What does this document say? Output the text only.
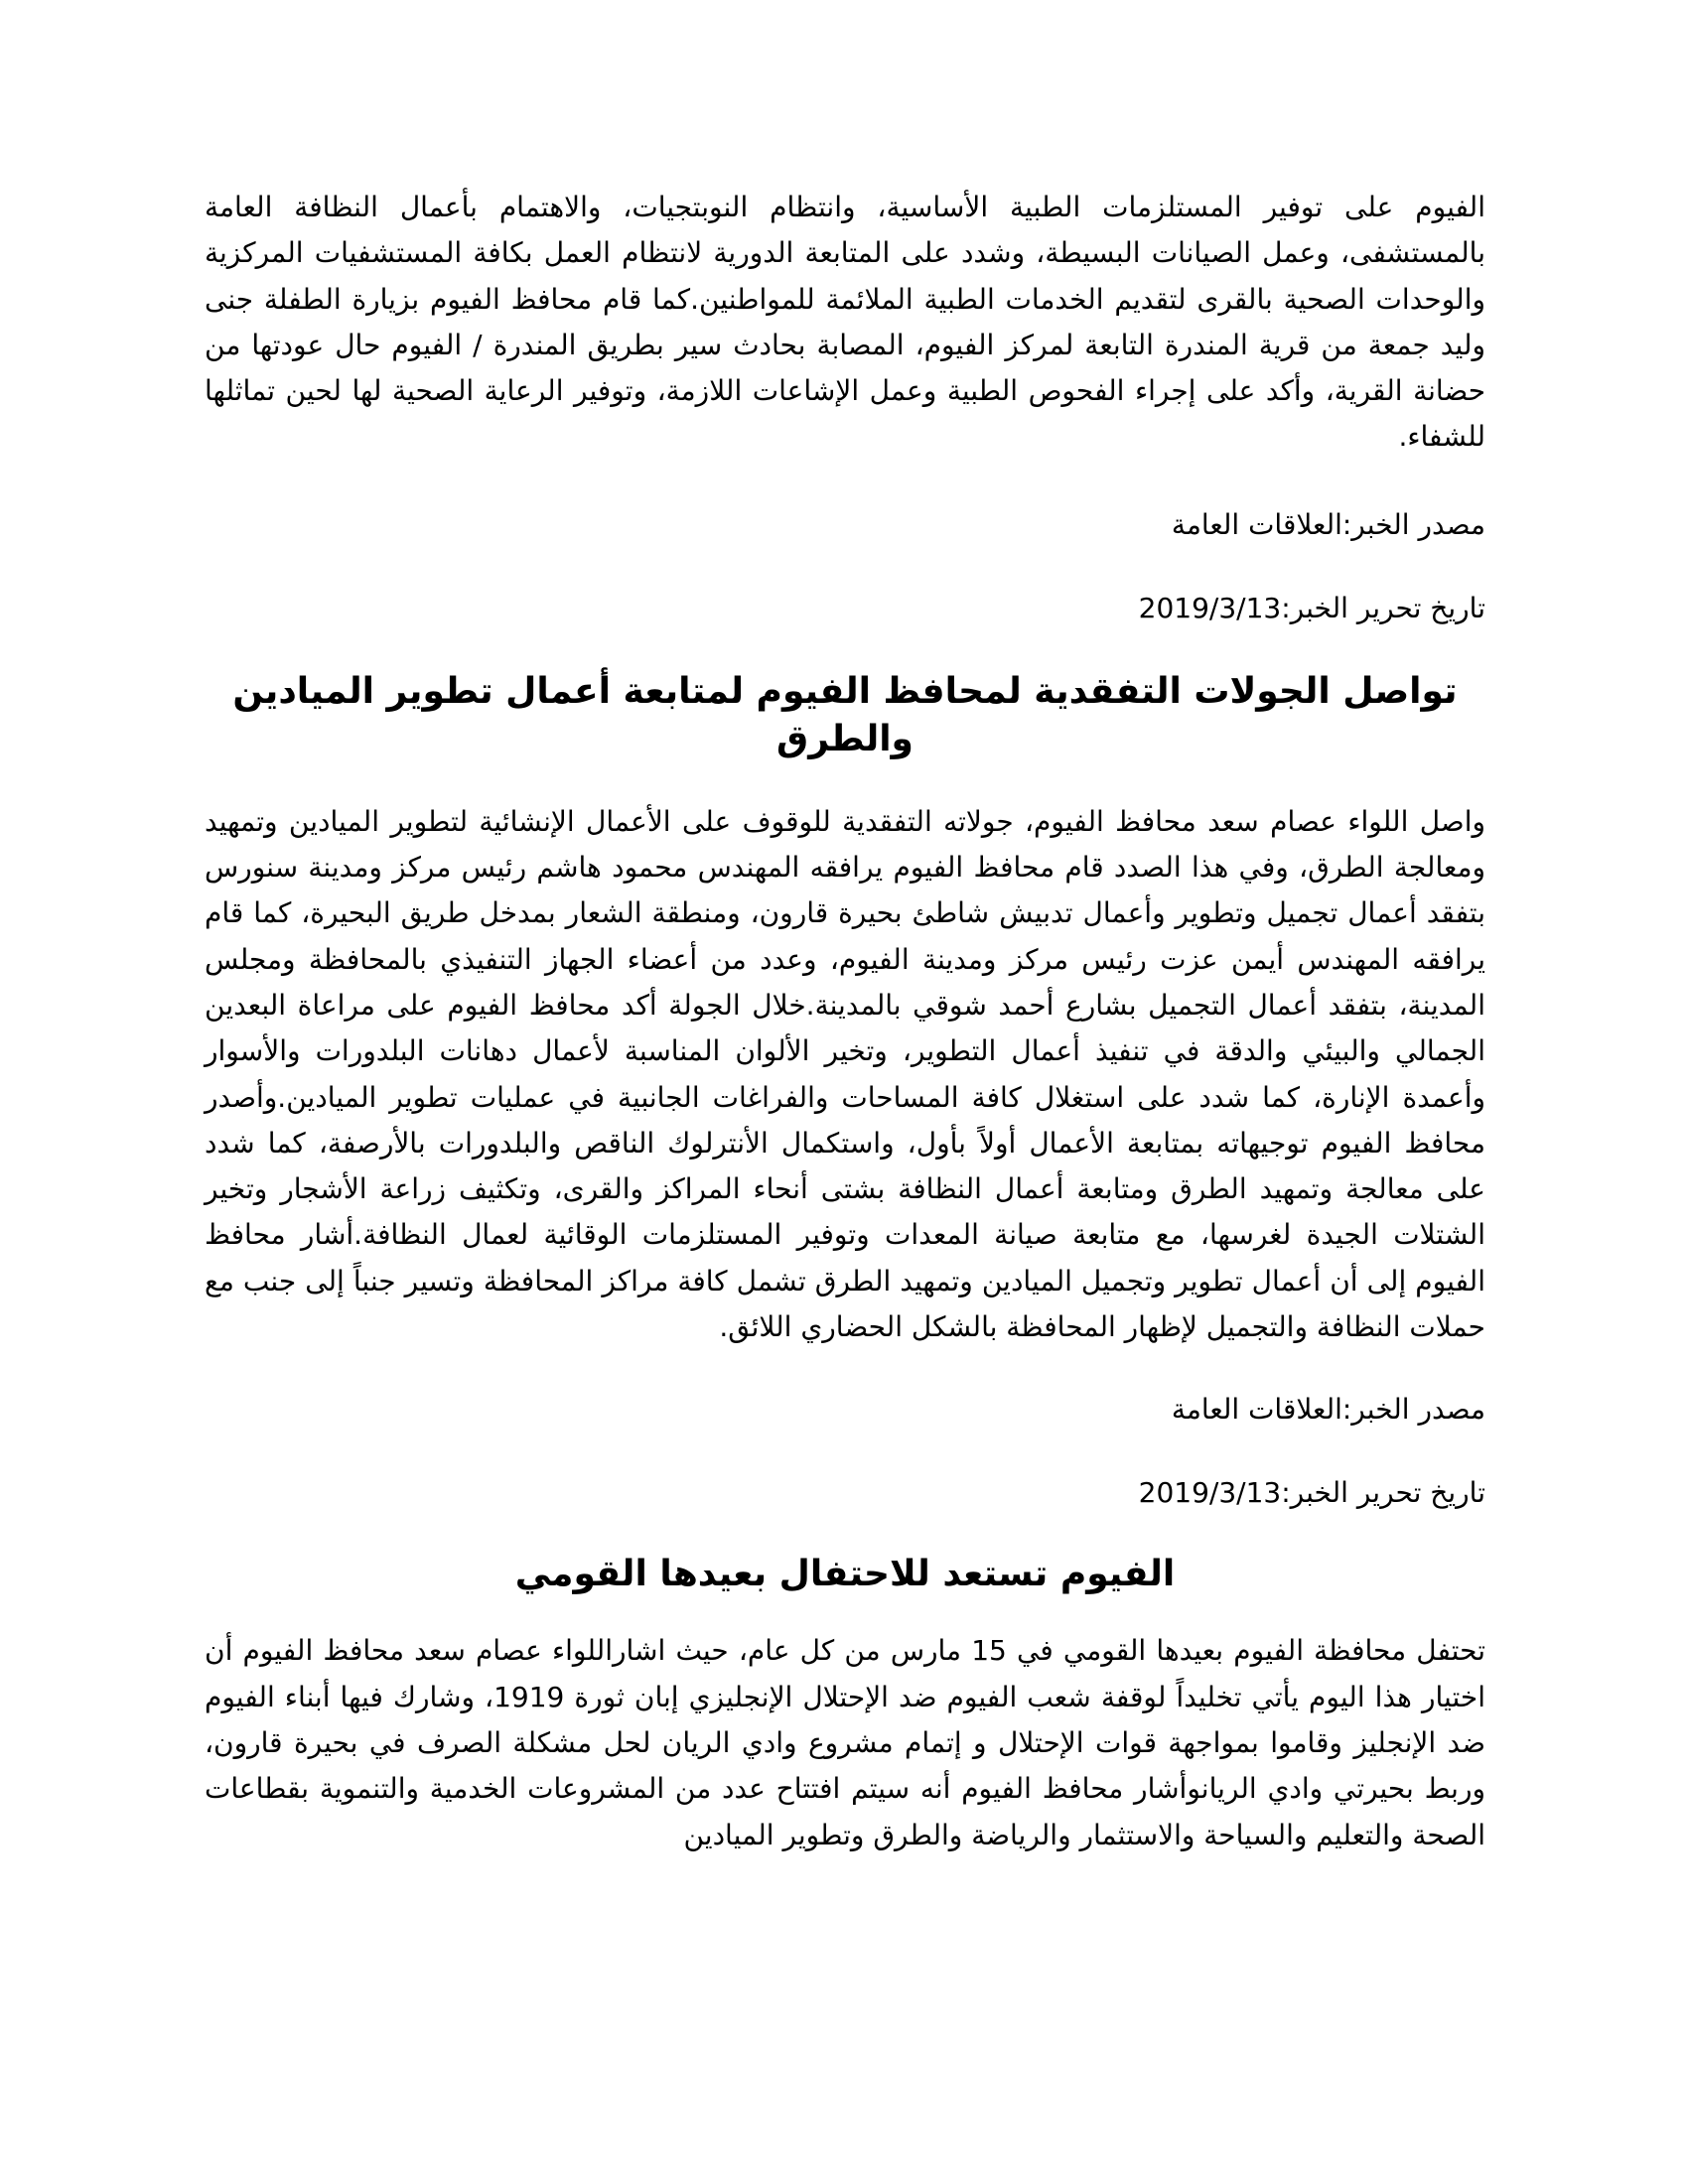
الفيوم على توفير المستلزمات الطبية الأساسية، وانتظام النوبتجيات، والاهتمام بأعمال النظافة العامة بالمستشفى، وعمل الصيانات البسيطة، وشدد على المتابعة الدورية لانتظام العمل بكافة المستشفيات المركزية والوحدات الصحية بالقرى لتقديم الخدمات الطبية الملائمة للمواطنين.كما قام محافظ الفيوم بزيارة الطفلة جنى وليد جمعة من قرية المندرة التابعة لمركز الفيوم، المصابة بحادث سير بطريق المندرة / الفيوم حال عودتها من حضانة القرية، وأكد على إجراء الفحوص الطبية وعمل الإشاعات اللازمة، وتوفير الرعاية الصحية لها لحين تماثلها للشفاء.

مصدر الخبر:العلاقات العامة

تاريخ تحرير الخبر:2019/3/13

تواصل الجولات التفقدية لمحافظ الفيوم لمتابعة أعمال تطوير الميادين والطرق

واصل اللواء عصام سعد محافظ الفيوم، جولاته التفقدية للوقوف على الأعمال الإنشائية لتطوير الميادين وتمهيد ومعالجة الطرق، وفي هذا الصدد قام محافظ الفيوم يرافقه المهندس محمود هاشم رئيس مركز ومدينة سنورس بتفقد أعمال تجميل وتطوير وأعمال تدبيش شاطئ بحيرة قارون، ومنطقة الشعار بمدخل طريق البحيرة، كما قام يرافقه المهندس أيمن عزت رئيس مركز ومدينة الفيوم، وعدد من أعضاء الجهاز التنفيذي بالمحافظة ومجلس المدينة، بتفقد أعمال التجميل بشارع أحمد شوقي بالمدينة.خلال الجولة أكد محافظ الفيوم على مراعاة البعدين الجمالي والبيئي والدقة في تنفيذ أعمال التطوير، وتخير الألوان المناسبة لأعمال دهانات البلدورات والأسوار وأعمدة الإنارة، كما شدد على استغلال كافة المساحات والفراغات الجانبية في عمليات تطوير الميادين.وأصدر محافظ الفيوم توجيهاته بمتابعة الأعمال أولاً بأول، واستكمال الأنترلوك الناقص والبلدورات بالأرصفة، كما شدد على معالجة وتمهيد الطرق ومتابعة أعمال النظافة بشتى أنحاء المراكز والقرى، وتكثيف زراعة الأشجار وتخير الشتلات الجيدة لغرسها، مع متابعة صيانة المعدات وتوفير المستلزمات الوقائية لعمال النظافة.أشار محافظ الفيوم إلى أن أعمال تطوير وتجميل الميادين وتمهيد الطرق تشمل كافة مراكز المحافظة وتسير جنباً إلى جنب مع حملات النظافة والتجميل لإظهار المحافظة بالشكل الحضاري اللائق.

مصدر الخبر:العلاقات العامة

تاريخ تحرير الخبر:2019/3/13

الفيوم تستعد للاحتفال بعيدها القومي

تحتفل محافظة الفيوم بعيدها القومي في 15 مارس من كل عام، حيث اشاراللواء عصام سعد محافظ الفيوم أن اختيار هذا اليوم يأتي تخليداً لوقفة شعب الفيوم ضد الإحتلال الإنجليزي إبان ثورة 1919، وشارك فيها أبناء الفيوم ضد الإنجليز وقاموا بمواجهة قوات الإحتلال و إتمام مشروع وادي الريان لحل مشكلة الصرف في بحيرة قارون، وربط بحيرتي وادي الريانوأشار محافظ الفيوم أنه سيتم افتتاح عدد من المشروعات الخدمية والتنموية بقطاعات الصحة والتعليم والسياحة والاستثمار والرياضة والطرق وتطوير الميادين
